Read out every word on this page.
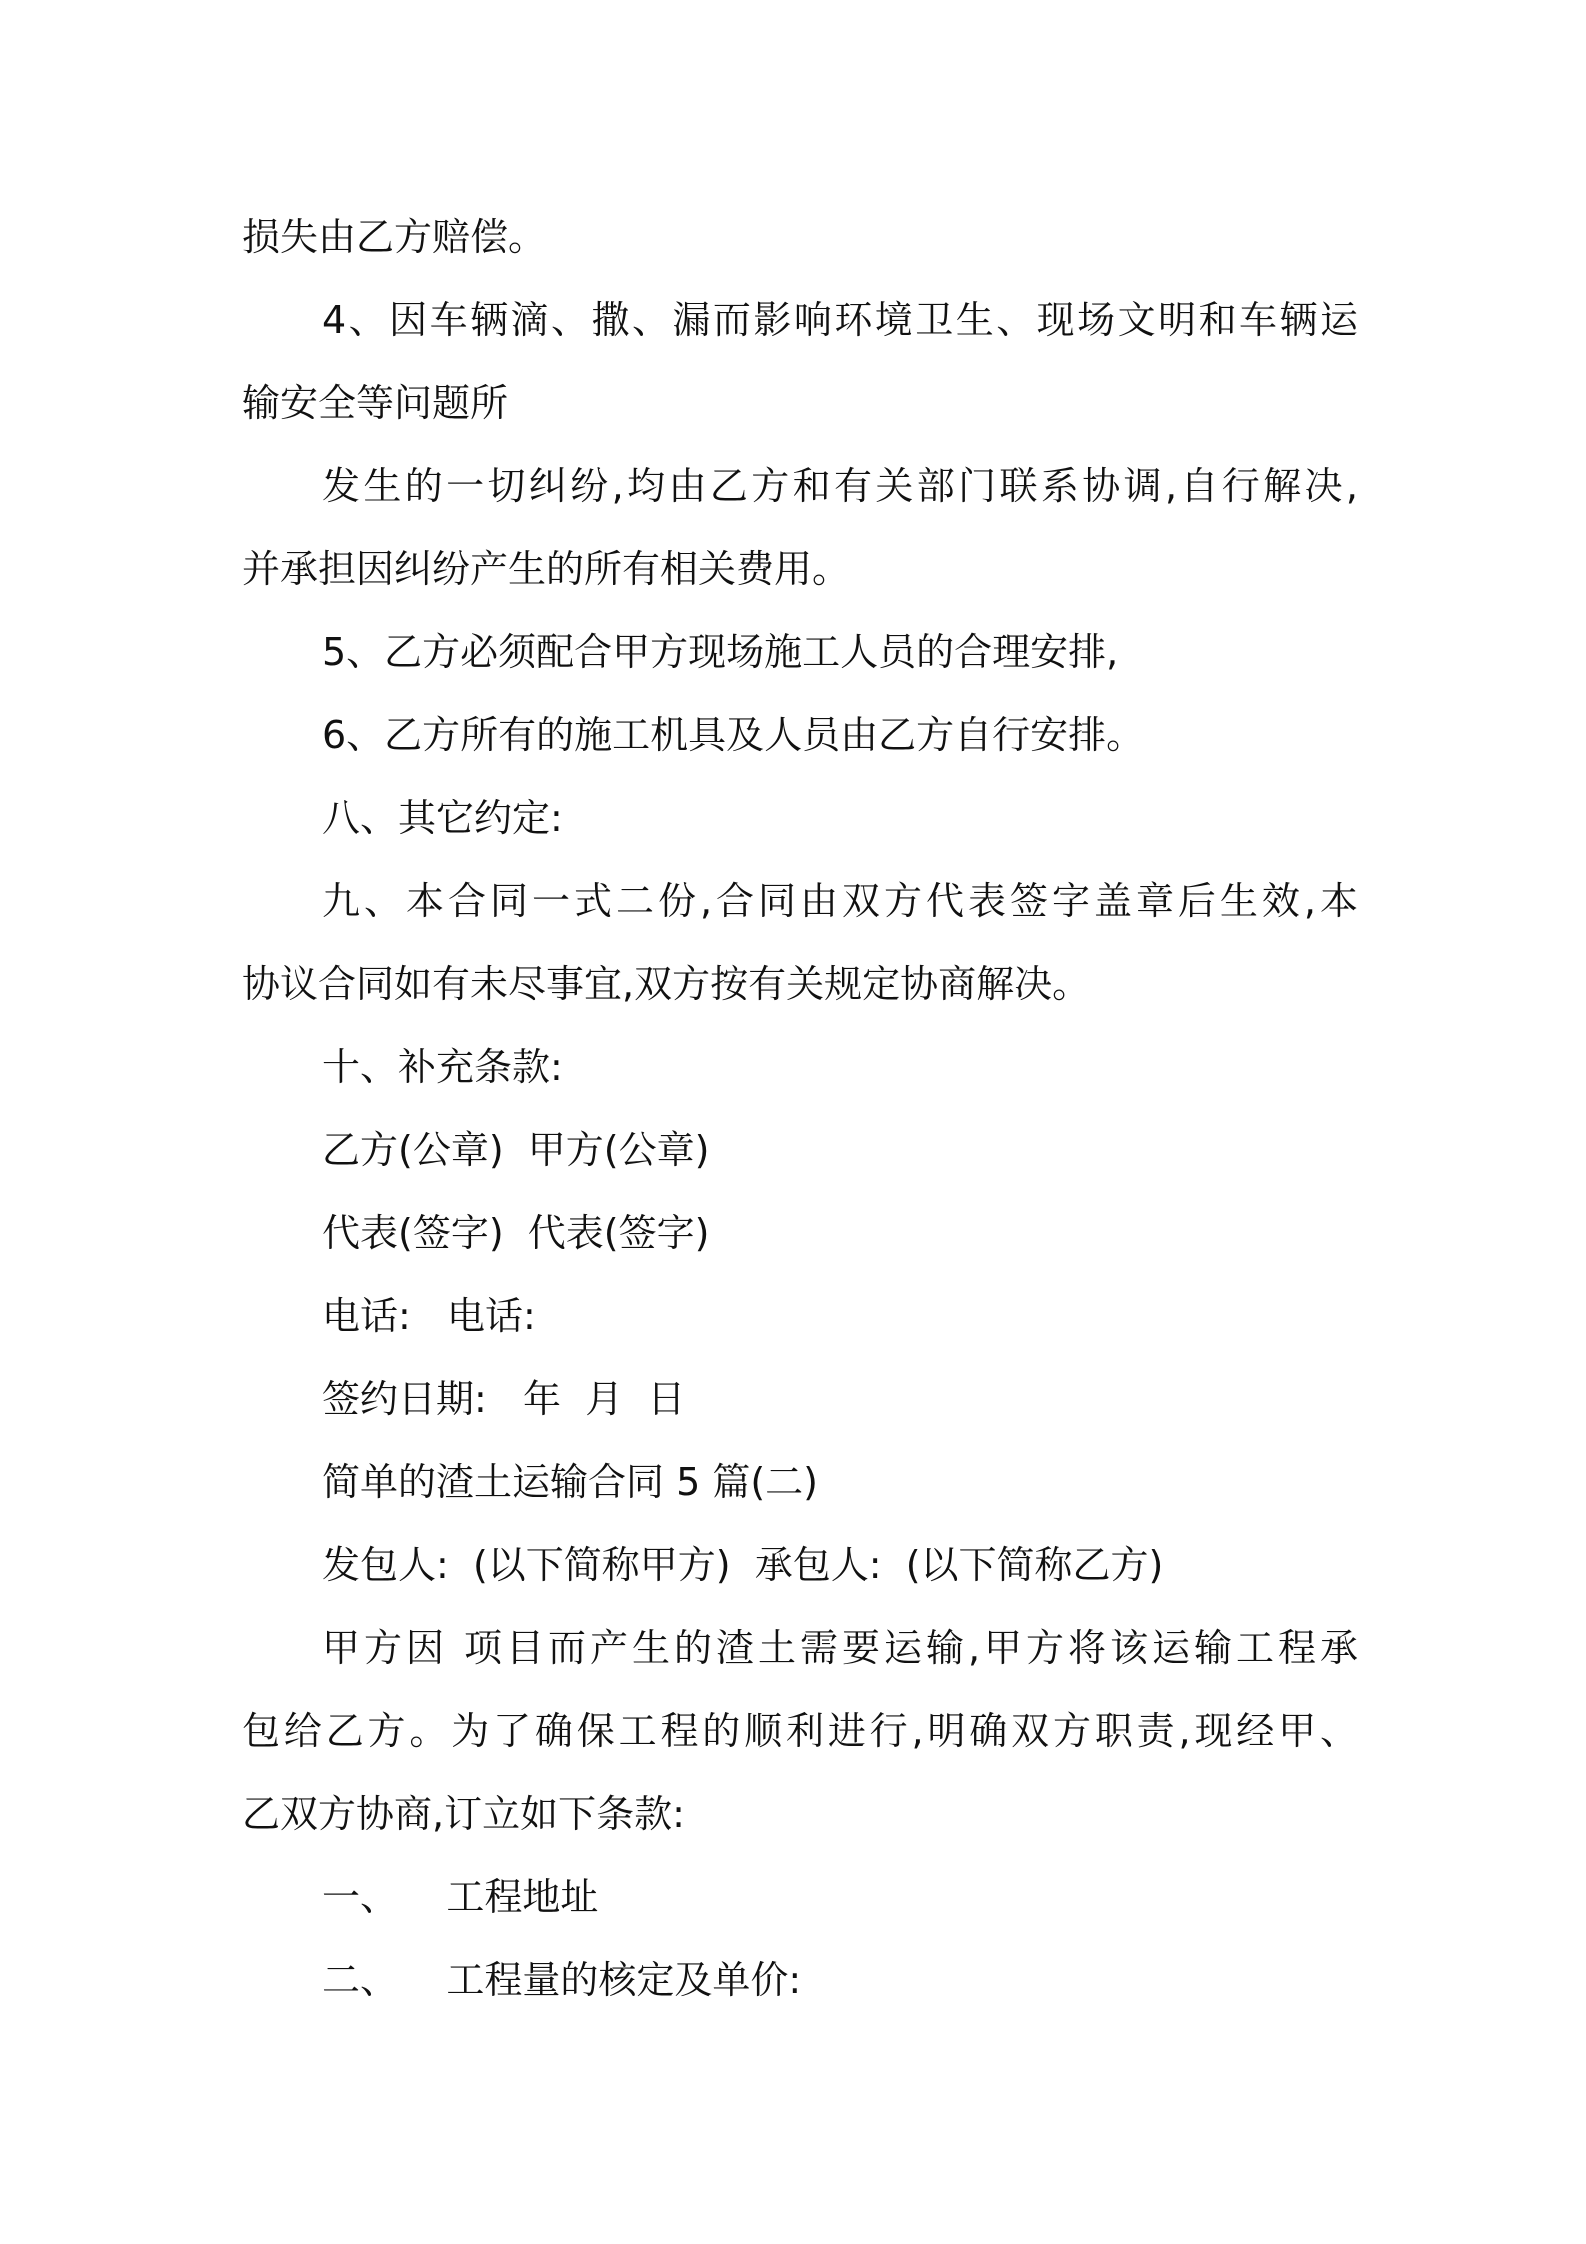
损失由乙方赔偿。
4、因车辆滴、撒、漏而影响环境卫生、现场文明和车辆运
输安全等问题所
发生的一切纠纷,均由乙方和有关部门联系协调,自行解决,
并承担因纠纷产生的所有相关费用。
5、乙方必须配合甲方现场施工人员的合理安排,
6、乙方所有的施工机具及人员由乙方自行安排。
八、其它约定:
九、本合同一式二份,合同由双方代表签字盖章后生效,本
协议合同如有未尽事宜,双方按有关规定协商解决。
十、补充条款:
乙方(公章)  甲方(公章)
代表(签字)  代表(签字)
电话:   电话:
签约日期:   年  月  日
简单的渣土运输合同 5 篇(二)
发包人:  (以下简称甲方)  承包人:  (以下简称乙方)
甲方因 项目而产生的渣土需要运输,甲方将该运输工程承
包给乙方。为了确保工程的顺利进行,明确双方职责,现经甲、
乙双方协商,订立如下条款:
一、    工程地址
二、    工程量的核定及单价:
